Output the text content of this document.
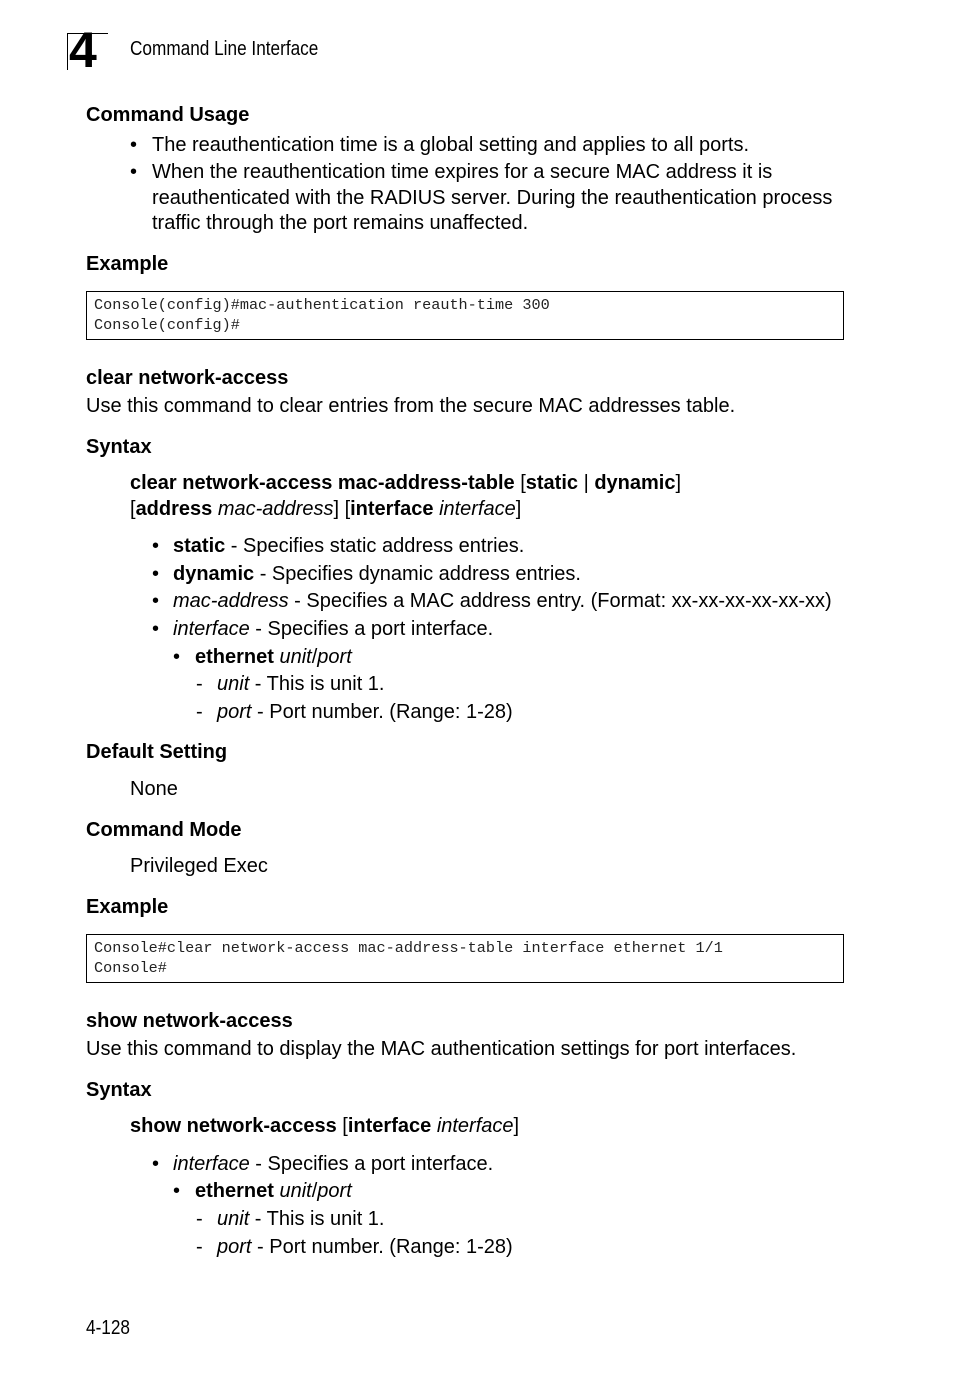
4 Command Line Interface
Command Usage
• The reauthentication time is a global setting and applies to all ports.
• When the reauthentication time expires for a secure MAC address it is
reauthenticated with the RADIUS server. During the reauthentication process
traffic through the port remains unaffected.
Example
Console(config)#mac-authentication reauth-time 300
Console(config)#
clear network-access
Use this command to clear entries from the secure MAC addresses table.
Syntax
clear network-access mac-address-table [static | dynamic]
[address mac-address] [interface interface]
• static - Specifies static address entries.
• dynamic - Specifies dynamic address entries.
• mac-address - Specifies a MAC address entry. (Format: xx-xx-xx-xx-xx-xx)
• interface - Specifies a port interface.
• ethernet unit/port
- unit - This is unit 1.
- port - Port number. (Range: 1-28)
Default Setting
None
Command Mode
Privileged Exec
Example
Console#clear network-access mac-address-table interface ethernet 1/1
Console#
show network-access
Use this command to display the MAC authentication settings for port interfaces.
Syntax
show network-access [interface interface]
• interface - Specifies a port interface.
• ethernet unit/port
- unit - This is unit 1.
- port - Port number. (Range: 1-28)
4-128
